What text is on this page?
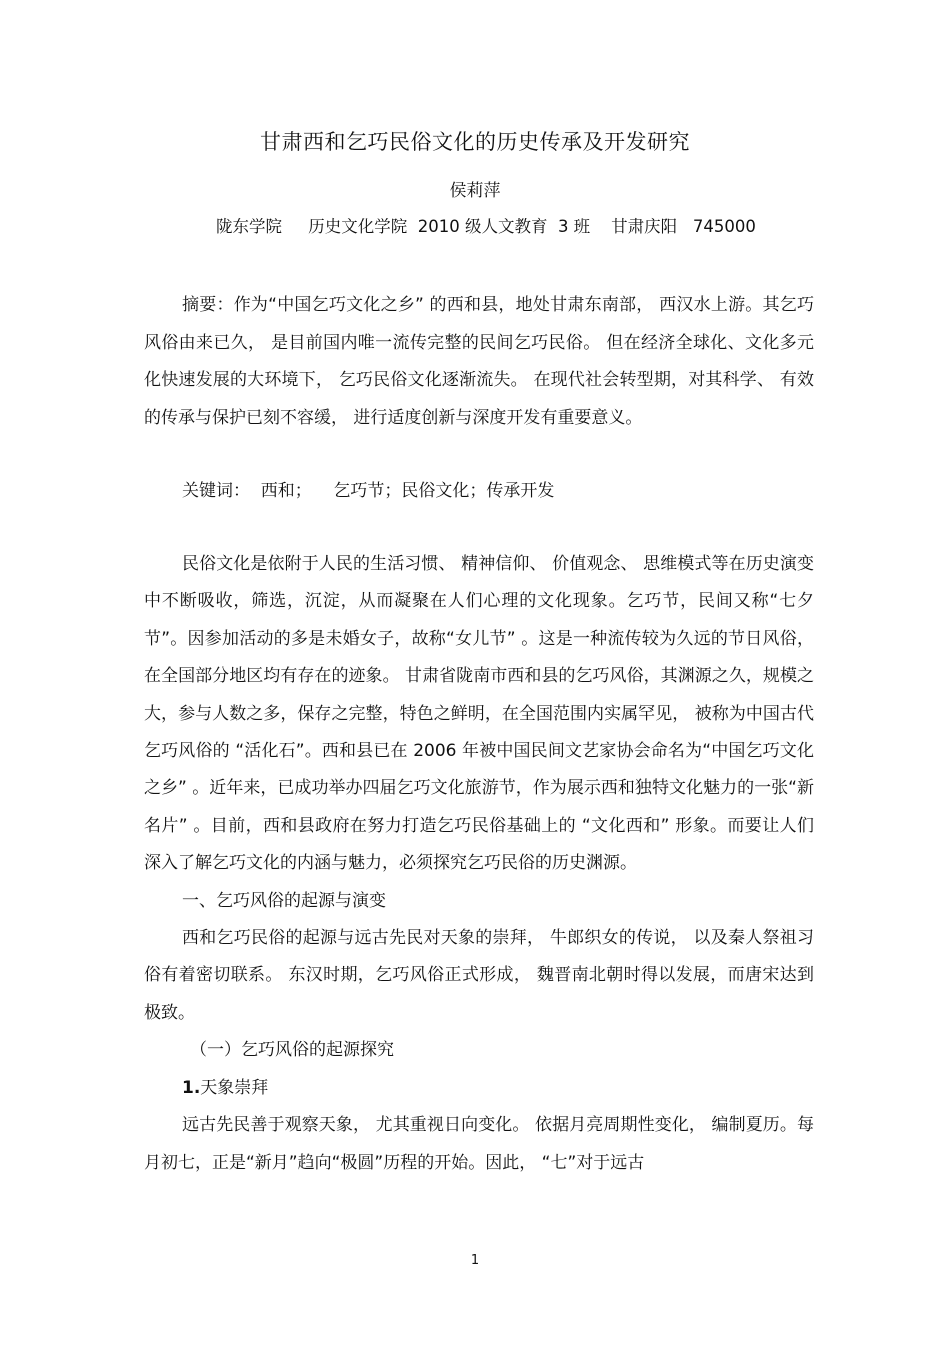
甘肃西和乞巧民俗文化的历史传承及开发研究
侯莉萍
陇东学院     历史文化学院  2010 级人文教育  3 班    甘肃庆阳   745000

摘要：作为“中国乞巧文化之乡” 的西和县，地处甘肃东南部， 西汉水上游。其乞巧风俗由来已久， 是目前国内唯一流传完整的民间乞巧民俗。 但在经济全球化、文化多元化快速发展的大环境下， 乞巧民俗文化逐渐流失。 在现代社会转型期，对其科学、 有效的传承与保护已刻不容缓， 进行适度创新与深度开发有重要意义。

关键词：  西和；    乞巧节；民俗文化；传承开发

民俗文化是依附于人民的生活习惯、 精神信仰、 价值观念、 思维模式等在历史演变中不断吸收，筛选，沉淀，从而凝聚在人们心理的文化现象。乞巧节，民间又称“七夕节”。因参加活动的多是未婚女子，故称“女儿节” 。这是一种流传较为久远的节日风俗， 在全国部分地区均有存在的迹象。 甘肃省陇南市西和县的乞巧风俗，其渊源之久，规模之大，参与人数之多，保存之完整，特色之鲜明，在全国范围内实属罕见， 被称为中国古代乞巧风俗的 “活化石”。西和县已在 2006 年被中国民间文艺家协会命名为“中国乞巧文化之乡” 。近年来，已成功举办四届乞巧文化旅游节，作为展示西和独特文化魅力的一张“新名片” 。目前，西和县政府在努力打造乞巧民俗基础上的 “文化西和” 形象。而要让人们深入了解乞巧文化的内涵与魅力，必须探究乞巧民俗的历史渊源。

一、乞巧风俗的起源与演变

西和乞巧民俗的起源与远古先民对天象的崇拜， 牛郎织女的传说， 以及秦人祭祖习俗有着密切联系。 东汉时期，乞巧风俗正式形成， 魏晋南北朝时得以发展，而唐宋达到极致。

（一）乞巧风俗的起源探究

1.天象崇拜

远古先民善于观察天象， 尤其重视日向变化。 依据月亮周期性变化， 编制夏历。每月初七，正是“新月”趋向“极圆”历程的开始。因此， “七”对于远古

1
